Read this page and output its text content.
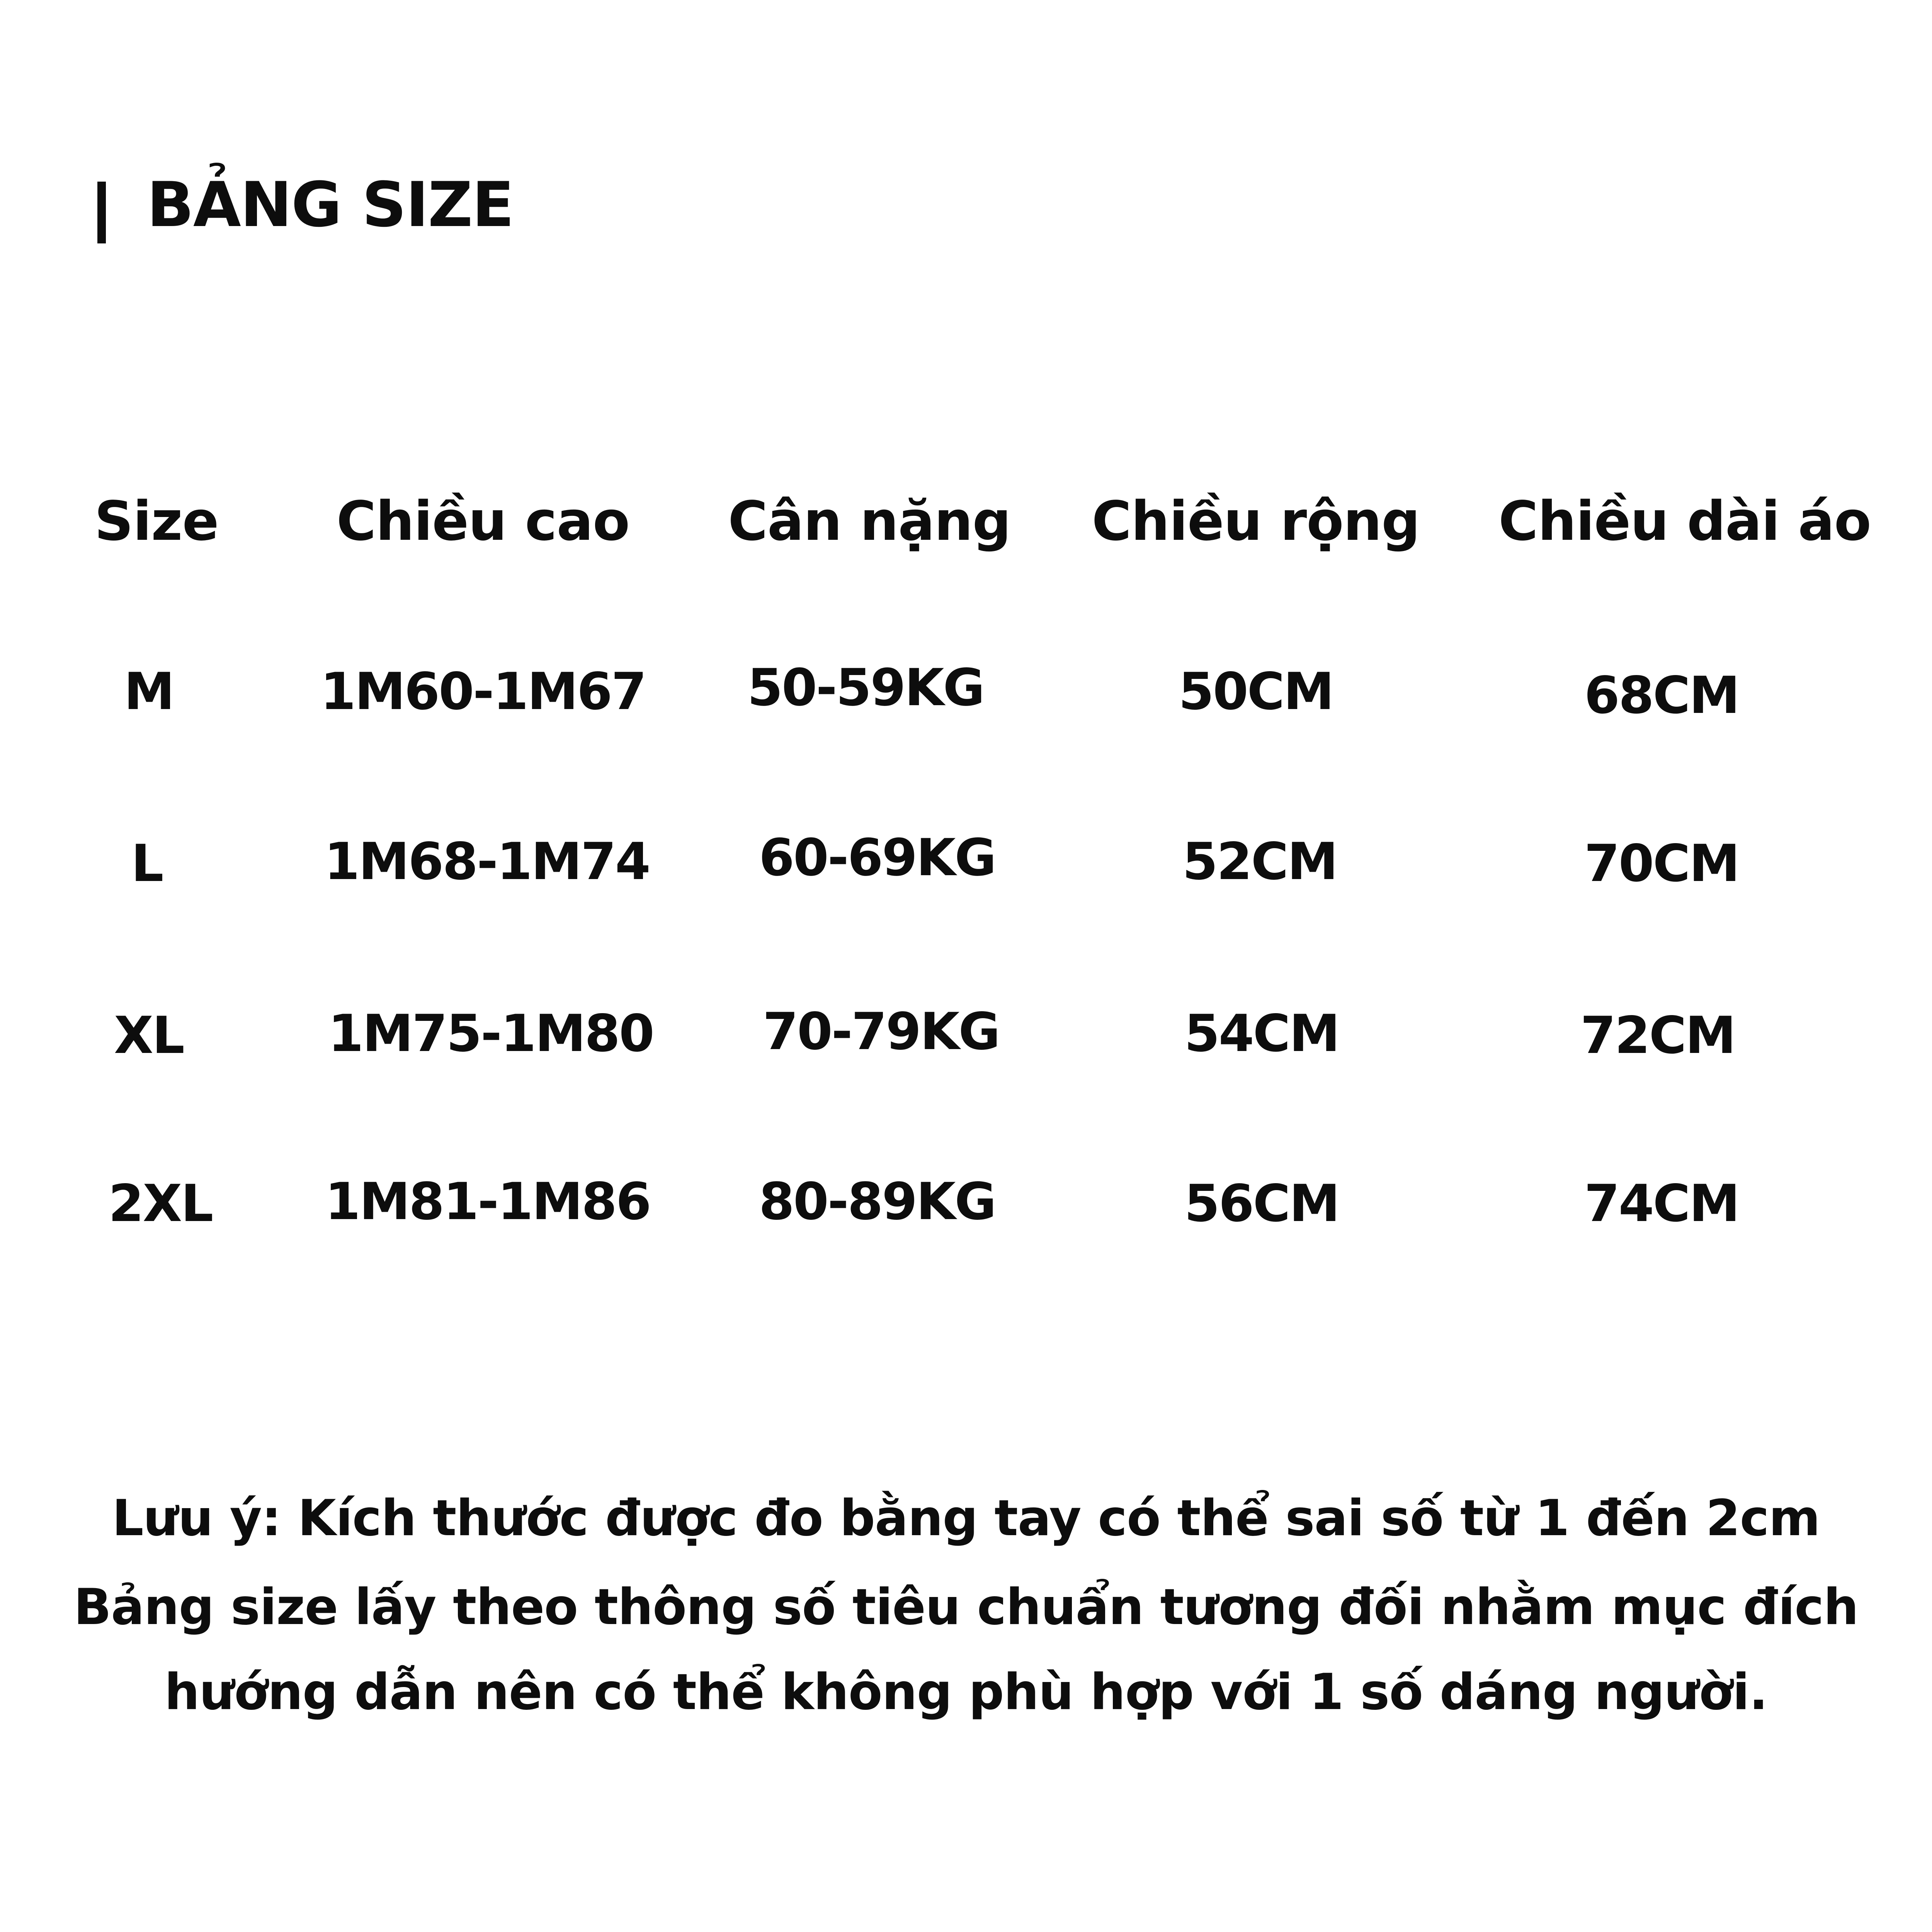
BẢNG SIZE
Size	Chiều cao	Cân nặng	Chiều rộng	Chiều dài áo
M	1M60-1M67	50-59KG	50CM	68CM
L	1M68-1M74	60-69KG	52CM	70CM
XL	1M75-1M80	70-79KG	54CM	72CM
2XL	1M81-1M86	80-89KG	56CM	74CM
Lưu ý: Kích thước được đo bằng tay có thể sai số từ 1 đến 2cm
Bảng size lấy theo thông số tiêu chuẩn tương đối nhằm mục đích
hướng dẫn nên có thể không phù hợp với 1 số dáng người.
